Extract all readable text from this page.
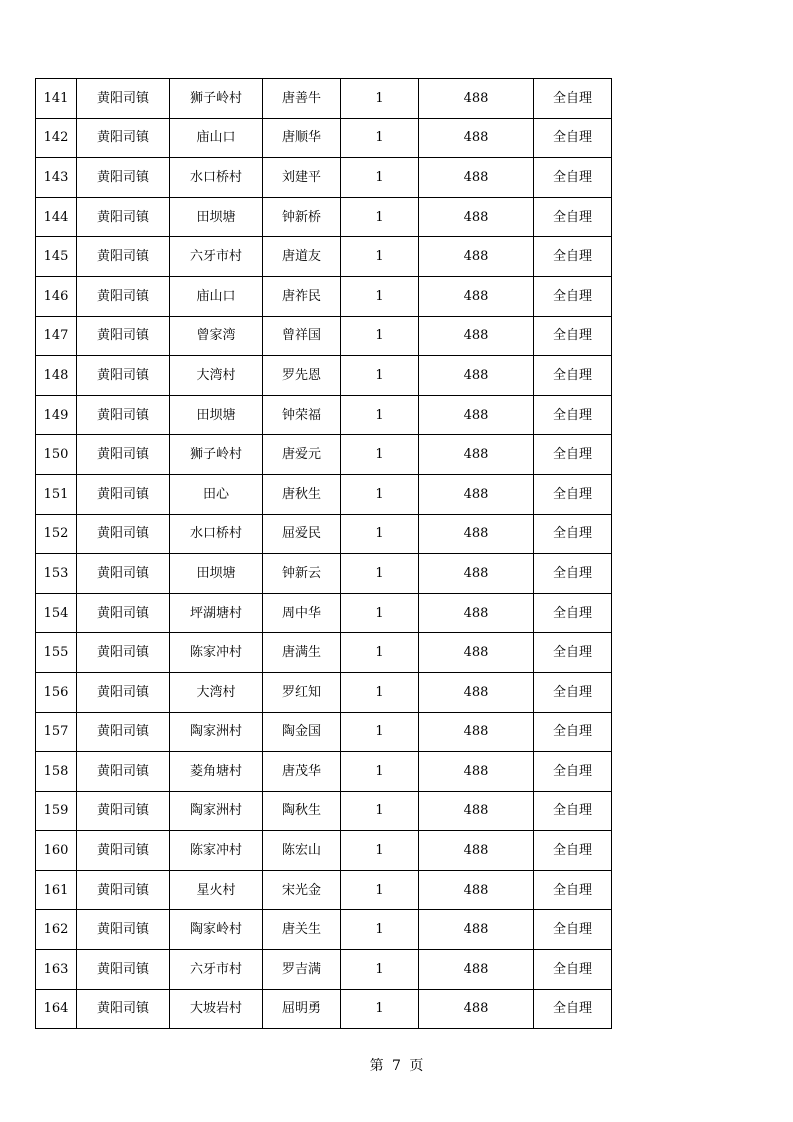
141	黄阳司镇	狮子岭村	唐善牛	1	488	全自理
142	黄阳司镇	庙山口	唐顺华	1	488	全自理
143	黄阳司镇	水口桥村	刘建平	1	488	全自理
144	黄阳司镇	田坝塘	钟新桥	1	488	全自理
145	黄阳司镇	六牙市村	唐道友	1	488	全自理
146	黄阳司镇	庙山口	唐祚民	1	488	全自理
147	黄阳司镇	曾家湾	曾祥国	1	488	全自理
148	黄阳司镇	大湾村	罗先恩	1	488	全自理
149	黄阳司镇	田坝塘	钟荣福	1	488	全自理
150	黄阳司镇	狮子岭村	唐爱元	1	488	全自理
151	黄阳司镇	田心	唐秋生	1	488	全自理
152	黄阳司镇	水口桥村	屈爱民	1	488	全自理
153	黄阳司镇	田坝塘	钟新云	1	488	全自理
154	黄阳司镇	坪湖塘村	周中华	1	488	全自理
155	黄阳司镇	陈家冲村	唐满生	1	488	全自理
156	黄阳司镇	大湾村	罗红知	1	488	全自理
157	黄阳司镇	陶家洲村	陶金国	1	488	全自理
158	黄阳司镇	菱角塘村	唐茂华	1	488	全自理
159	黄阳司镇	陶家洲村	陶秋生	1	488	全自理
160	黄阳司镇	陈家冲村	陈宏山	1	488	全自理
161	黄阳司镇	星火村	宋光金	1	488	全自理
162	黄阳司镇	陶家岭村	唐关生	1	488	全自理
163	黄阳司镇	六牙市村	罗吉满	1	488	全自理
164	黄阳司镇	大坡岩村	屈明勇	1	488	全自理
第 7 页
